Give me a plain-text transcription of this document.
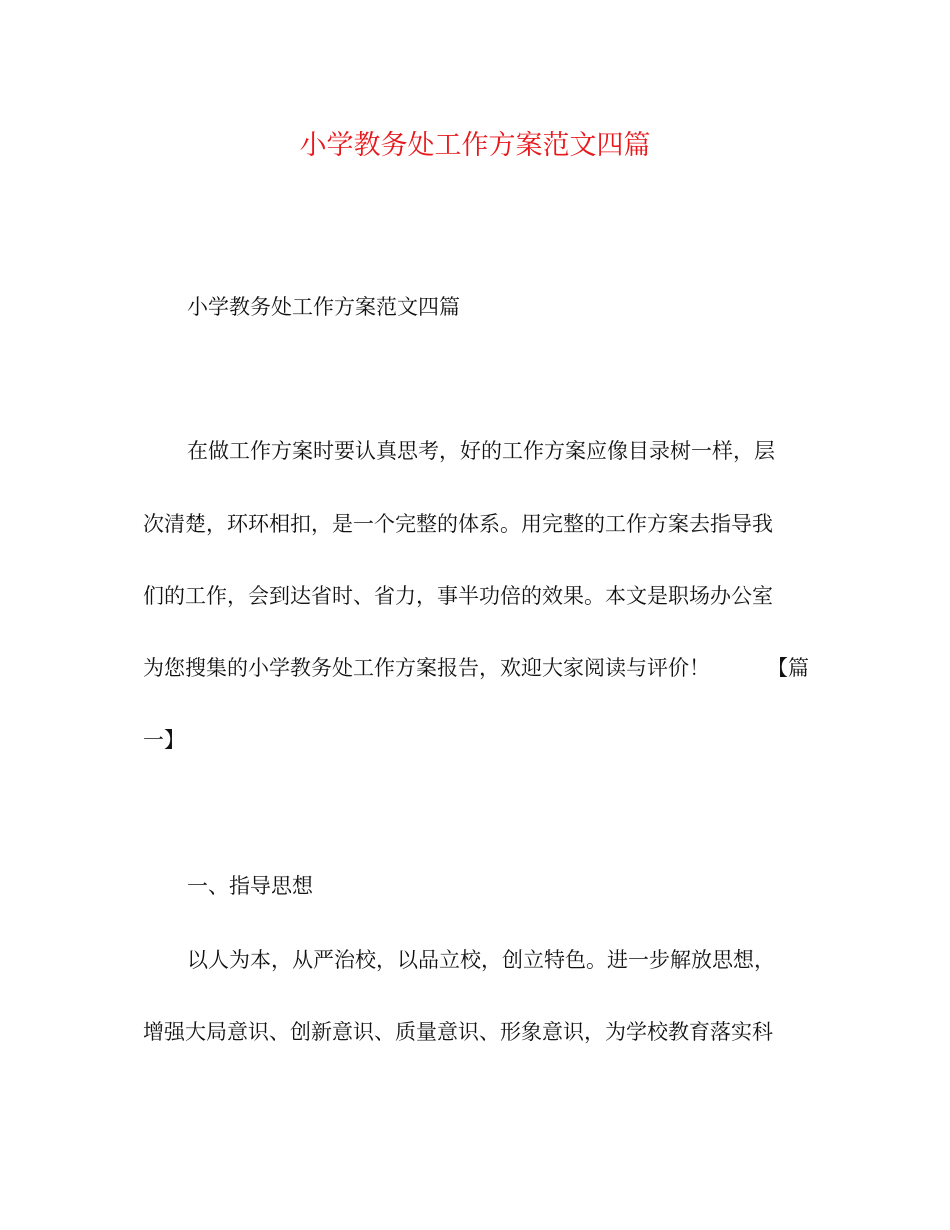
小学教务处工作方案范文四篇
小学教务处工作方案范文四篇
在做工作方案时要认真思考，好的工作方案应像目录树一样，层
次清楚，环环相扣，是一个完整的体系。用完整的工作方案去指导我
们的工作，会到达省时、省力，事半功倍的效果。本文是职场办公室
为您搜集的小学教务处工作方案报告，欢迎大家阅读与评价！	【篇
一】
一、指导思想
以人为本，从严治校，以品立校，创立特色。进一步解放思想，
增强大局意识、创新意识、质量意识、形象意识，为学校教育落实科
